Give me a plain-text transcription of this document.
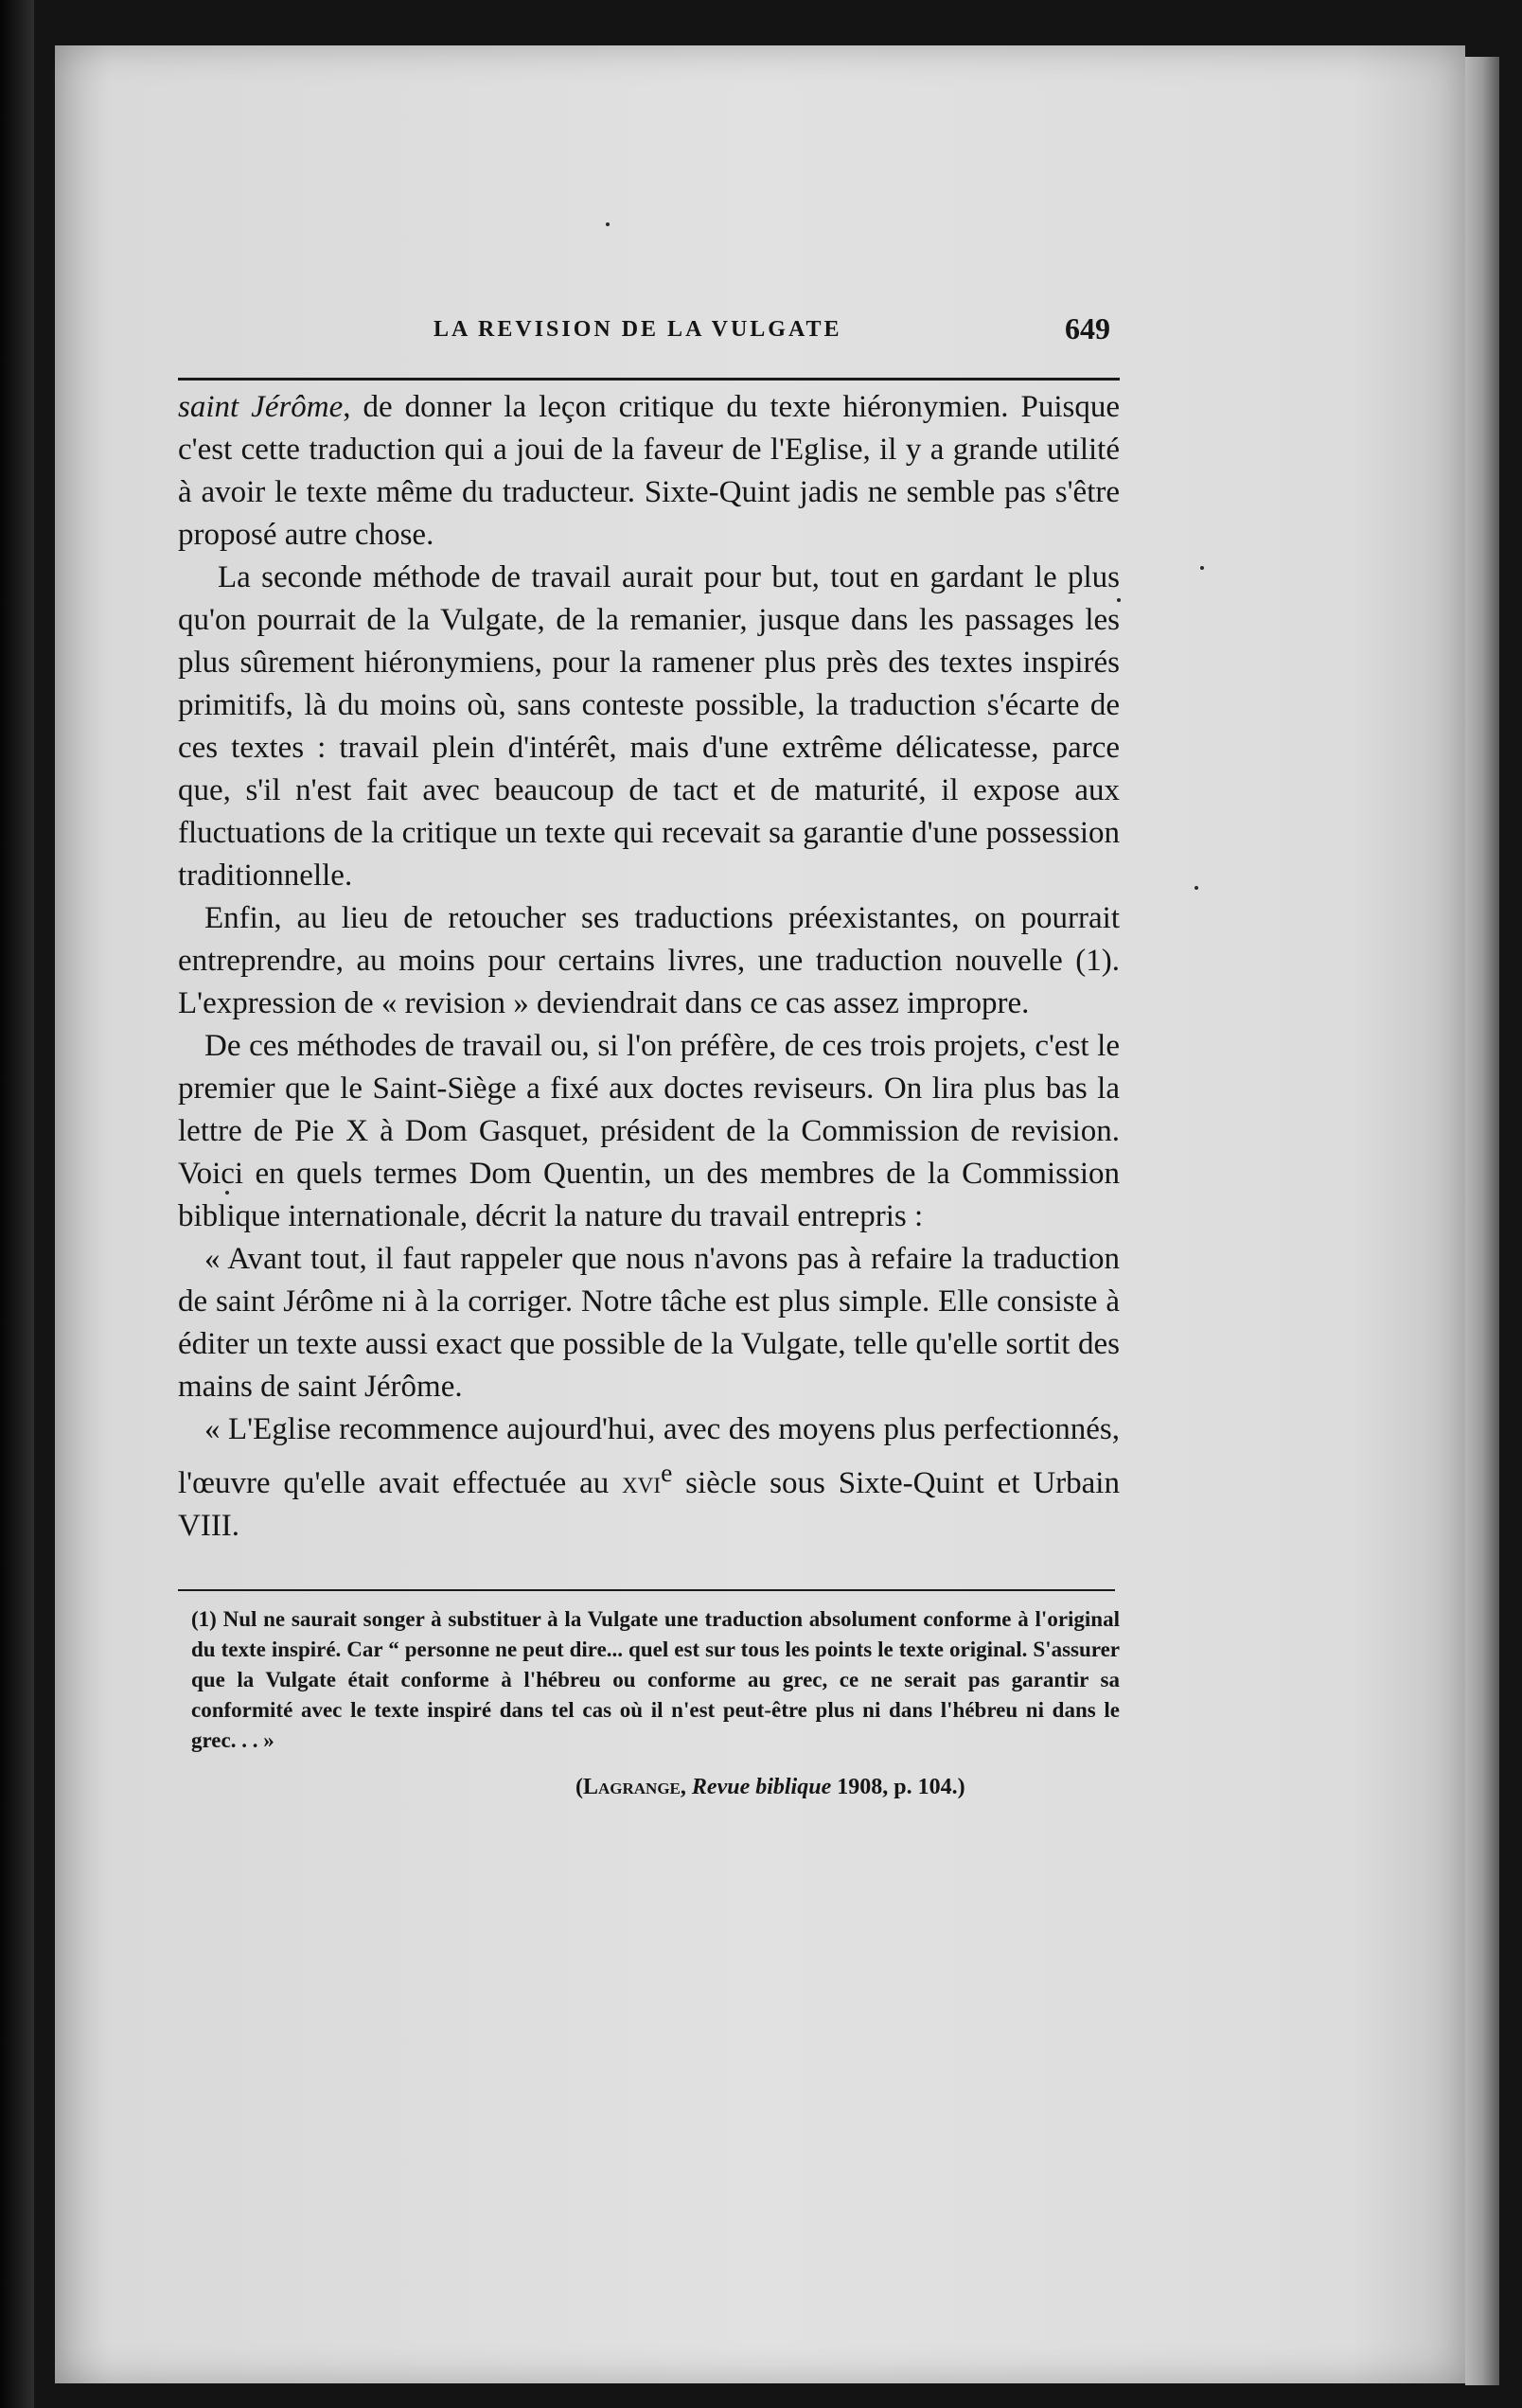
LA REVISION DE LA VULGATE	649

saint Jérôme, de donner la leçon critique du texte hiéronymien. Puisque c'est cette traduction qui a joui de la faveur de l'Eglise, il y a grande utilité à avoir le texte même du traducteur. Sixte-Quint jadis ne semble pas s'être proposé autre chose.

La seconde méthode de travail aurait pour but, tout en gardant le plus qu'on pourrait de la Vulgate, de la remanier, jusque dans les passages les plus sûrement hiéronymiens, pour la ramener plus près des textes inspirés primitifs, là du moins où, sans conteste possible, la traduction s'écarte de ces textes : travail plein d'intérêt, mais d'une extrême délicatesse, parce que, s'il n'est fait avec beaucoup de tact et de maturité, il expose aux fluctuations de la critique un texte qui recevait sa garantie d'une possession traditionnelle.

Enfin, au lieu de retoucher ses traductions préexistantes, on pourrait entreprendre, au moins pour certains livres, une traduction nouvelle (1). L'expression de « revision » deviendrait dans ce cas assez impropre.

De ces méthodes de travail ou, si l'on préfère, de ces trois projets, c'est le premier que le Saint-Siège a fixé aux doctes reviseurs. On lira plus bas la lettre de Pie X à Dom Gasquet, président de la Commission de revision. Voici en quels termes Dom Quentin, un des membres de la Commission biblique internationale, décrit la nature du travail entrepris :

« Avant tout, il faut rappeler que nous n'avons pas à refaire la traduction de saint Jérôme ni à la corriger. Notre tâche est plus simple. Elle consiste à éditer un texte aussi exact que possible de la Vulgate, telle qu'elle sortit des mains de saint Jérôme.

« L'Eglise recommence aujourd'hui, avec des moyens plus perfectionnés, l'œuvre qu'elle avait effectuée au xvi$^e$ siècle sous Sixte-Quint et Urbain VIII.

(1) Nul ne saurait songer à substituer à la Vulgate une traduction absolument conforme à l'original du texte inspiré. Car “ personne ne peut dire... quel est sur tous les points le texte original. S'assurer que la Vulgate était conforme à l'hébreu ou conforme au grec, ce ne serait pas garantir sa conformité avec le texte inspiré dans tel cas où il n'est peut-être plus ni dans l'hébreu ni dans le grec. . . »
(Lagrange, Revue biblique 1908, p. 104.)
